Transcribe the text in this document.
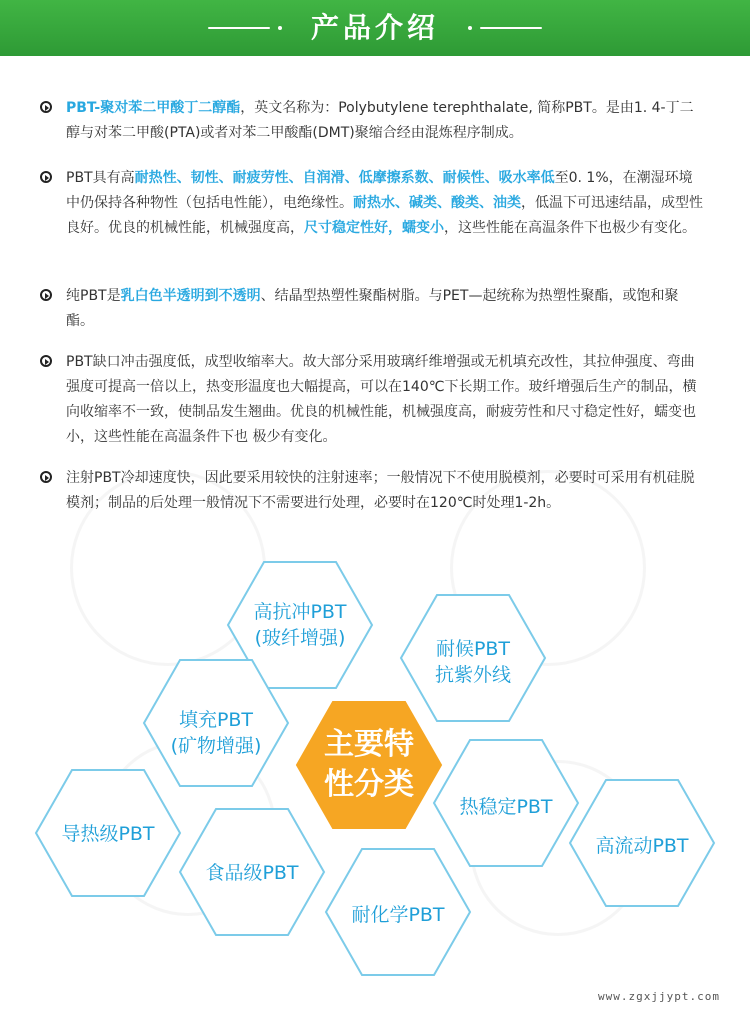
产品介绍
PBT-聚对苯二甲酸丁二醇酯，英文名称为：Polybutylene terephthalate, 简称PBT。是由1. 4-丁二醇与对苯二甲酸(PTA)或者对苯二甲酸酯(DMT)聚缩合经由混炼程序制成。
PBT具有高耐热性、韧性、耐疲劳性、自润滑、低摩擦系数、耐候性、吸水率低至0. 1%，在潮湿环境中仍保持各种物性（包括电性能），电绝缘性。耐热水、碱类、酸类、油类，低温下可迅速结晶，成型性良好。优良的机械性能，机械强度高，尺寸稳定性好，蠕变小，这些性能在高温条件下也极少有变化。
纯PBT是乳白色半透明到不透明、结晶型热塑性聚酯树脂。与PET—起统称为热塑性聚酯，或饱和聚酯。
PBT缺口冲击强度低，成型收缩率大。故大部分采用玻璃纤维增强或无机填充改性，其拉伸强度、弯曲强度可提高一倍以上，热变形温度也大幅提高，可以在140℃下长期工作。玻纤增强后生产的制品，横向收缩率不一致，使制品发生翘曲。优良的机械性能，机械强度高，耐疲劳性和尺寸稳定性好，蠕变也小，这些性能在高温条件下也 极少有变化。
注射PBT冷却速度快，因此要采用较快的注射速率；一般情况下不使用脱模剂，必要时可采用有机硅脱模剂；制品的后处理一般情况下不需要进行处理，必要时在120℃时处理1-2h。
高抗冲PBT
(玻纤增强)	耐候PBT
抗紫外线
填充PBT
(矿物增强)	主要特
性分类
热稳定PBT
导热级PBT
高流动PBT
食品级PBT
耐化学PBT
www.zgxjjypt.com
